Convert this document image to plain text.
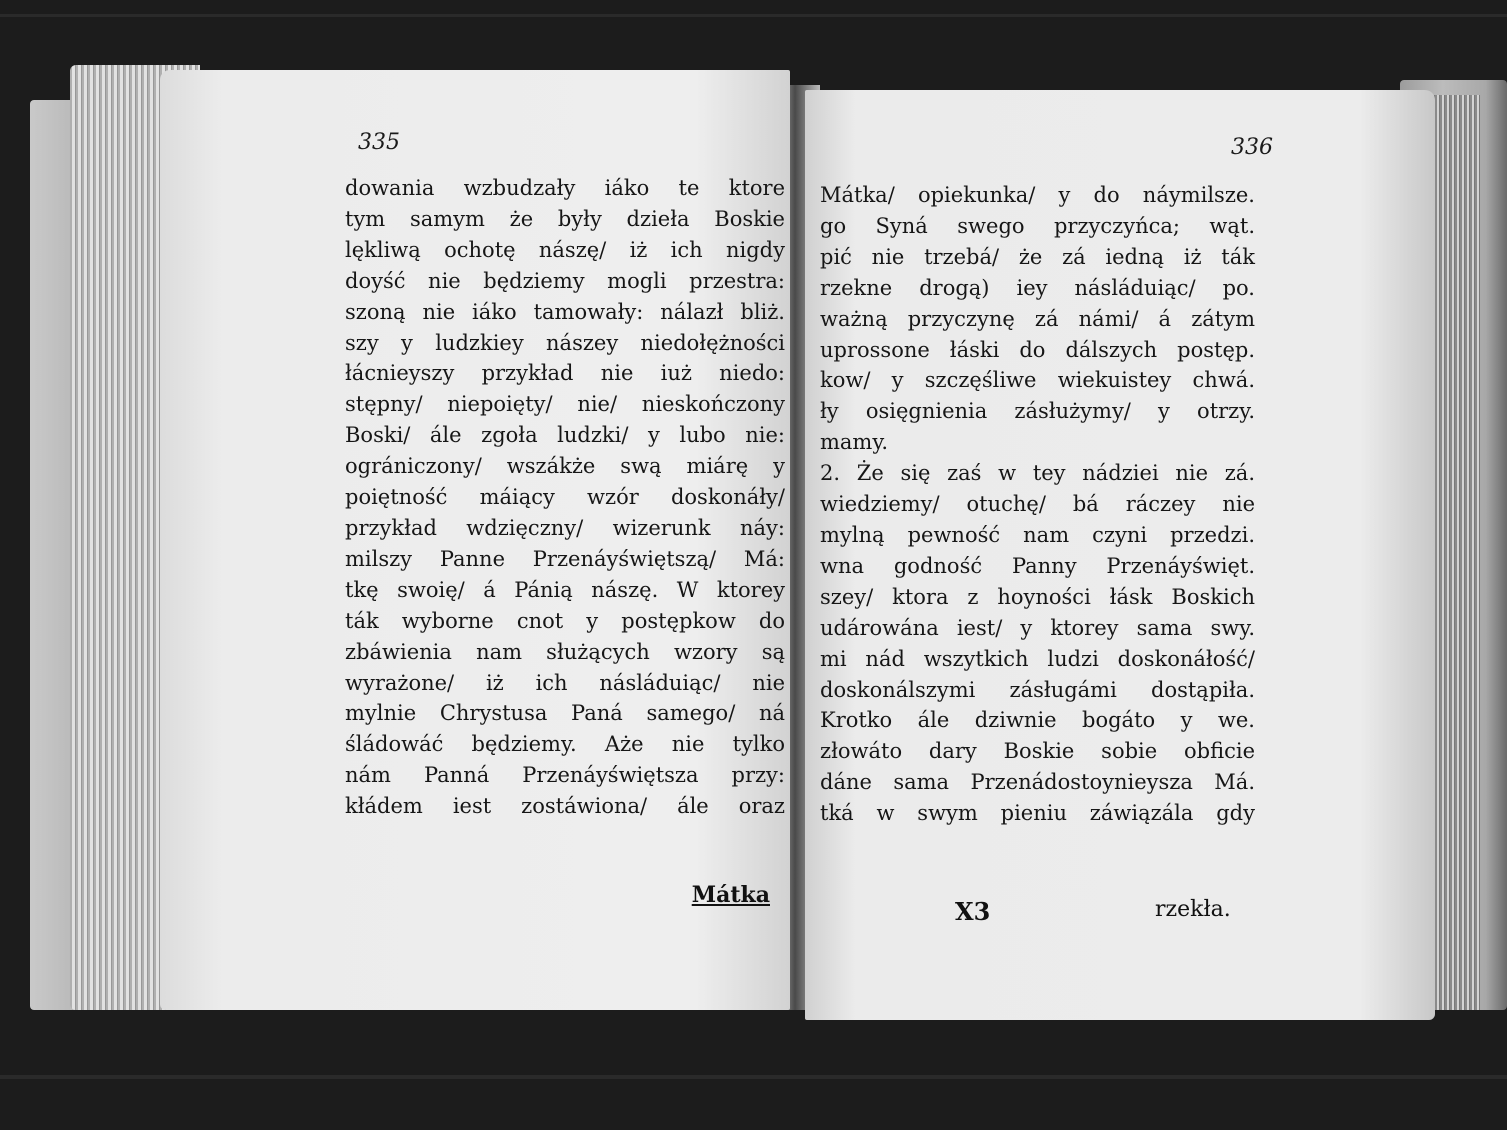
335
dowania wzbudzały iáko te ktore
tym samym że były dzieła Boskie
lękliwą ochotę nászę/ iż ich nigdy
doyść nie będziemy mogli przestra:
szoną nie iáko tamowały: nálazł bliż.
szy y ludzkiey nászey niedołężności
łácnieyszy przykład nie iuż niedo:
stępny/ niepoięty/ nie/ nieskończony
Boski/ ále zgoła ludzki/ y lubo nie:
ográniczony/ wszákże swą miárę y
poiętność máiący wzór doskonáły/
przykład wdzięczny/ wizerunk náy:
milszy Panne Przenáyświętszą/ Má:
tkę swoię/ á Pánią nászę. W ktorey
ták wyborne cnot y postępkow do
zbáwienia nam służących wzory są
wyrażone/ iż ich násláduiąc/ nie
mylnie Chrystusa Paná samego/ ná
śládowáć będziemy. Aże nie tylko
nám Panná Przenáyświętsza przy:
kłádem iest zostáwiona/ ále oraz
Mátka
336
Mátka/ opiekunka/ y do náymilsze.
go Syná swego przyczyńca; wąt.
pić nie trzebá/ że zá iedną iż ták
rzekne drogą) iey násláduiąc/ po.
ważną przyczynę zá námi/ á zátym
uprossone łáski do dálszych postęp.
kow/ y szczęśliwe wiekuistey chwá.
ły osięgnienia zásłużymy/ y otrzy.
mamy.
2. Że się zaś w tey nádziei nie zá.
wiedziemy/ otuchę/ bá ráczey nie
mylną pewność nam czyni przedzi.
wna godność Panny Przenáyświęt.
szey/ ktora z hoyności łásk Boskich
udárowána iest/ y ktorey sama swy.
mi nád wszytkich ludzi doskonáłość/
doskonálszymi zásługámi dostąpiła.
Krotko ále dziwnie bogáto y we.
złowáto dary Boskie sobie obficie
dáne sama Przenádostoynieysza Má.
tká w swym pieniu záwiązála gdy
X3	rzekła.
